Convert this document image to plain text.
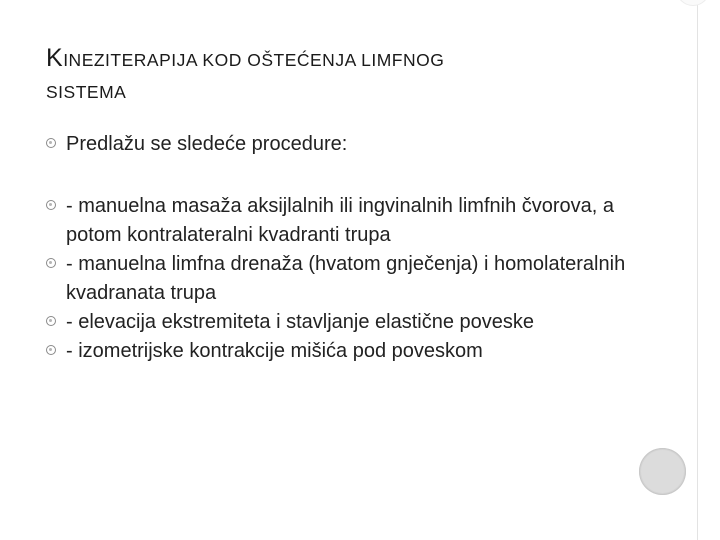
KINEZITERAPIJA KOD OŠTEĆENJA LIMFNOG
SISTEMA
Predlažu se sledeće procedure:
- manuelna masaža aksijlalnih ili ingvinalnih limfnih čvorova, a potom kontralateralni kvadranti trupa
- manuelna limfna drenaža (hvatom gnječenja) i homolateralnih kvadranata trupa
- elevacija ekstremiteta i stavljanje elastične poveske
- izometrijske kontrakcije mišića pod poveskom
